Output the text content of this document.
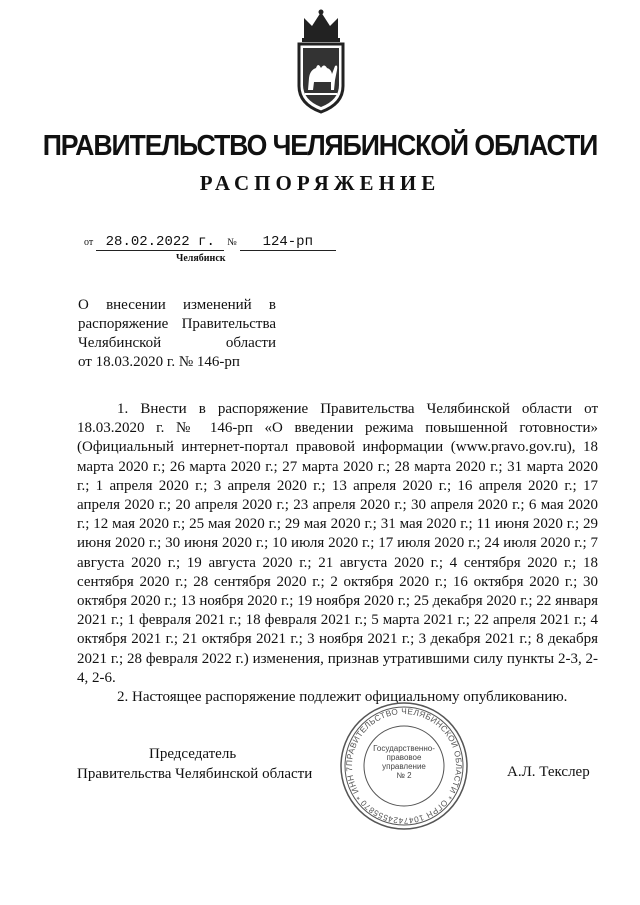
ПРАВИТЕЛЬСТВО ЧЕЛЯБИНСКОЙ ОБЛАСТИ
РАСПОРЯЖЕНИЕ
от 28.02.2022 г. № 124-рп
Челябинск
О внесении изменений в
распоряжение Правительства
Челябинской области
от 18.03.2020 г. № 146-рп

1. Внести в распоряжение Правительства Челябинской области от 18.03.2020 г. № 146-рп «О введении режима повышенной готовности» (Официальный интернет-портал правовой информации (www.pravo.gov.ru), 18 марта 2020 г.; 26 марта 2020 г.; 27 марта 2020 г.; 28 марта 2020 г.; 31 марта 2020 г.; 1 апреля 2020 г.; 3 апреля 2020 г.; 13 апреля 2020 г.; 16 апреля 2020 г.; 17 апреля 2020 г.; 20 апреля 2020 г.; 23 апреля 2020 г.; 30 апреля 2020 г.; 6 мая 2020 г.; 12 мая 2020 г.; 25 мая 2020 г.; 29 мая 2020 г.; 31 мая 2020 г.; 11 июня 2020 г.; 29 июня 2020 г.; 30 июня 2020 г.; 10 июля 2020 г.; 17 июля 2020 г.; 24 июля 2020 г.; 7 августа 2020 г.; 19 августа 2020 г.; 21 августа 2020 г.; 4 сентября 2020 г.; 18 сентября 2020 г.; 28 сентября 2020 г.; 2 октября 2020 г.; 16 октября 2020 г.; 30 октября 2020 г.; 13 ноября 2020 г.; 19 ноября 2020 г.; 25 декабря 2020 г.; 22 января 2021 г.; 1 февраля 2021 г.; 18 февраля 2021 г.; 5 марта 2021 г.; 22 апреля 2021 г.; 4 октября 2021 г.; 21 октября 2021 г.; 3 ноября 2021 г.; 3 декабря 2021 г.; 8 декабря 2021 г.; 28 февраля 2022 г.) изменения, признав утратившими силу пункты 2-3, 2-4, 2-6.

2. Настоящее распоряжение подлежит официальному опубликованию.

Председатель
Правительства Челябинской области
ПРАВИТЕЛЬСТВО ЧЕЛЯБИНСКОЙ ОБЛАСТИ * ОГРН 1047424555870 * ИНН 7
Государственно-правовое управление
№ 2	А.Л. Текслер
